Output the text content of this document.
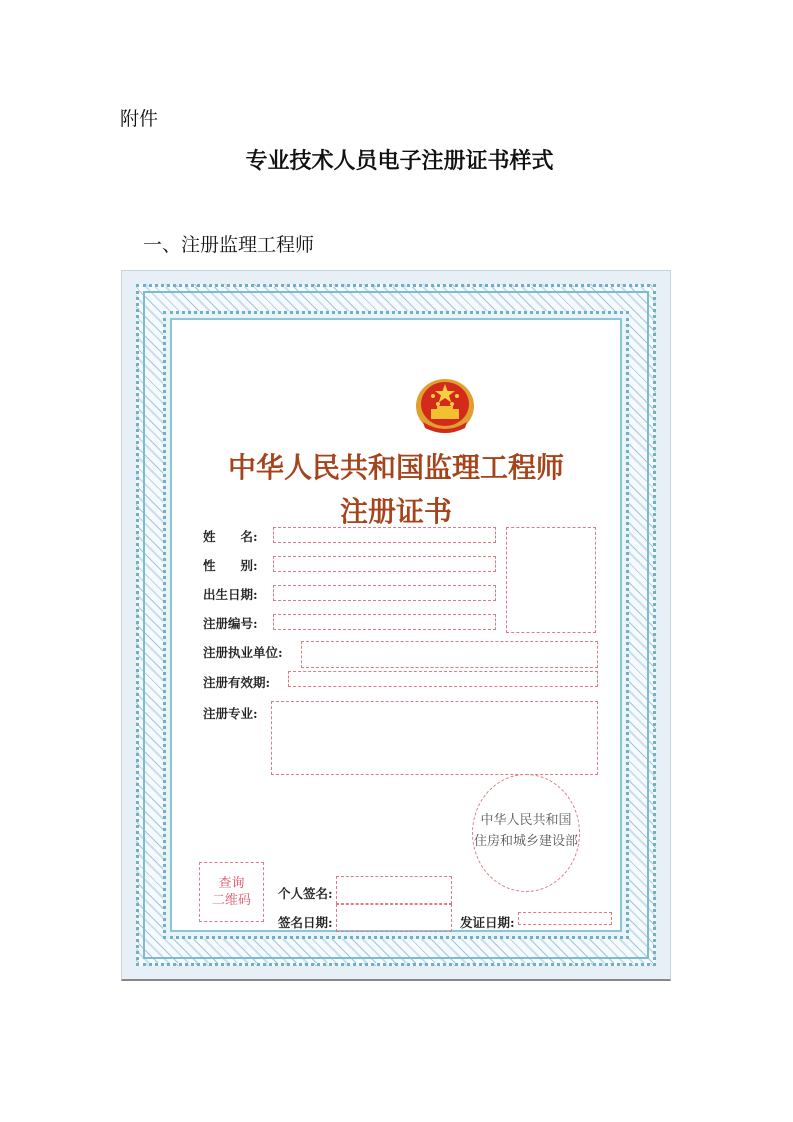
附件
专业技术人员电子注册证书样式
一、注册监理工程师
中华人民共和国监理工程师
注册证书
姓　　名:
性　　别:
出生日期:
注册编号:
注册执业单位:
注册有效期:
注册专业:
中华人民共和国
住房和城乡建设部
查询
二维码	个人签名:
签名日期:	发证日期:
